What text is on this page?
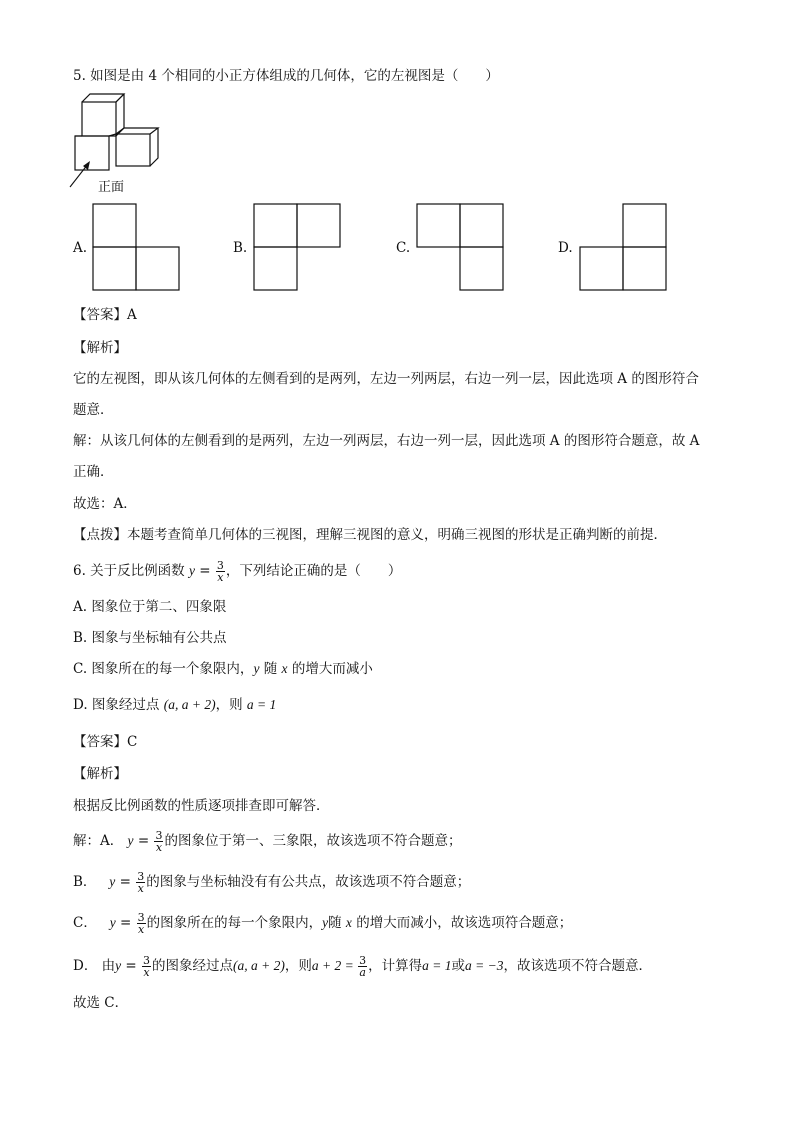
5. 如图是由 4 个相同的小正方体组成的几何体，它的左视图是（　　）
正面
A.	B.	C.	D.
【答案】A
【解析】
它的左视图，即从该几何体的左侧看到的是两列，左边一列两层，右边一列一层，因此选项 A 的图形符合
题意．
解：从该几何体的左侧看到的是两列，左边一列两层，右边一列一层，因此选项 A 的图形符合题意，故 A
正确．
故选：A．
【点拨】本题考查简单几何体的三视图，理解三视图的意义，明确三视图的形状是正确判断的前提．
6. 关于反比例函数 $y = \frac{3}{x}$ ，下列结论正确的是（　　）
A. 图象位于第二、四象限
B. 图象与坐标轴有公共点
C. 图象所在的每一个象限内，y 随 x 的增大而减小
D. 图象经过点 (a, a + 2)，则 a = 1
【答案】C
【解析】
根据反比例函数的性质逐项排查即可解答．
解：A． $y = \frac{3}{x}$ 的图象位于第一、三象限，故该选项不符合题意；
B． $y = \frac{3}{x}$ 的图象与坐标轴没有有公共点，故该选项不符合题意；
C． $y = \frac{3}{x}$ 的图象所在的每一个象限内，y随 x 的增大而减小，故该选项符合题意；
D． 由$y = \frac{3}{x}$ 的图象经过点(a, a + 2)，则$a + 2 = \frac{3}{a}$ ，计算得a = 1或a = −3，故该选项不符合题意．
故选 C．
